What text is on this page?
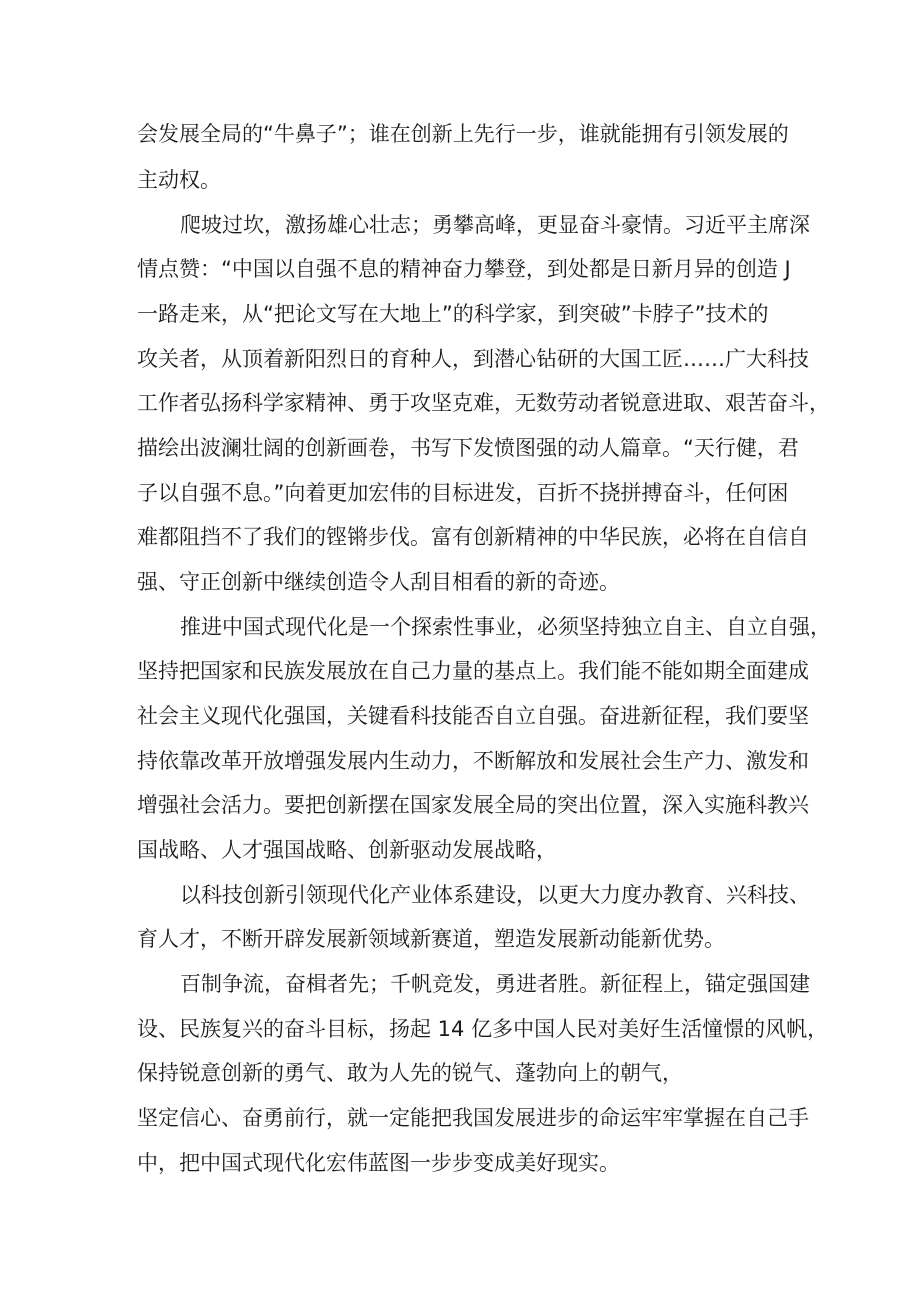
会发展全局的“牛鼻子”；谁在创新上先行一步，谁就能拥有引领发展的
主动权。
爬坡过坎，激扬雄心壮志；勇攀高峰，更显奋斗豪情。习近平主席深
情点赞：“中国以自强不息的精神奋力攀登，到处都是日新月异的创造 J
一路走来，从“把论文写在大地上”的科学家，到突破”卡脖子”技术的
攻关者，从顶着新阳烈日的育种人，到潜心钻研的大国工匠……广大科技
工作者弘扬科学家精神、勇于攻坚克难，无数劳动者锐意进取、艰苦奋斗，
描绘出波澜壮阔的创新画卷，书写下发愤图强的动人篇章。“天行健，君
子以自强不息。”向着更加宏伟的目标进发，百折不挠拼搏奋斗，任何困
难都阻挡不了我们的铿锵步伐。富有创新精神的中华民族，必将在自信自
强、守正创新中继续创造令人刮目相看的新的奇迹。
推进中国式现代化是一个探索性事业，必须坚持独立自主、自立自强，
坚持把国家和民族发展放在自己力量的基点上。我们能不能如期全面建成
社会主义现代化强国，关键看科技能否自立自强。奋进新征程，我们要坚
持依靠改革开放增强发展内生动力，不断解放和发展社会生产力、激发和
增强社会活力。要把创新摆在国家发展全局的突出位置，深入实施科教兴
国战略、人才强国战略、创新驱动发展战略，
以科技创新引领现代化产业体系建设，以更大力度办教育、兴科技、
育人才，不断开辟发展新领域新赛道，塑造发展新动能新优势。
百制争流，奋楫者先；千帆竞发，勇进者胜。新征程上，锚定强国建
设、民族复兴的奋斗目标，扬起 14 亿多中国人民对美好生活憧憬的风帆，
保持锐意创新的勇气、敢为人先的锐气、蓬勃向上的朝气，
坚定信心、奋勇前行，就一定能把我国发展进步的命运牢牢掌握在自己手
中，把中国式现代化宏伟蓝图一步步变成美好现实。
